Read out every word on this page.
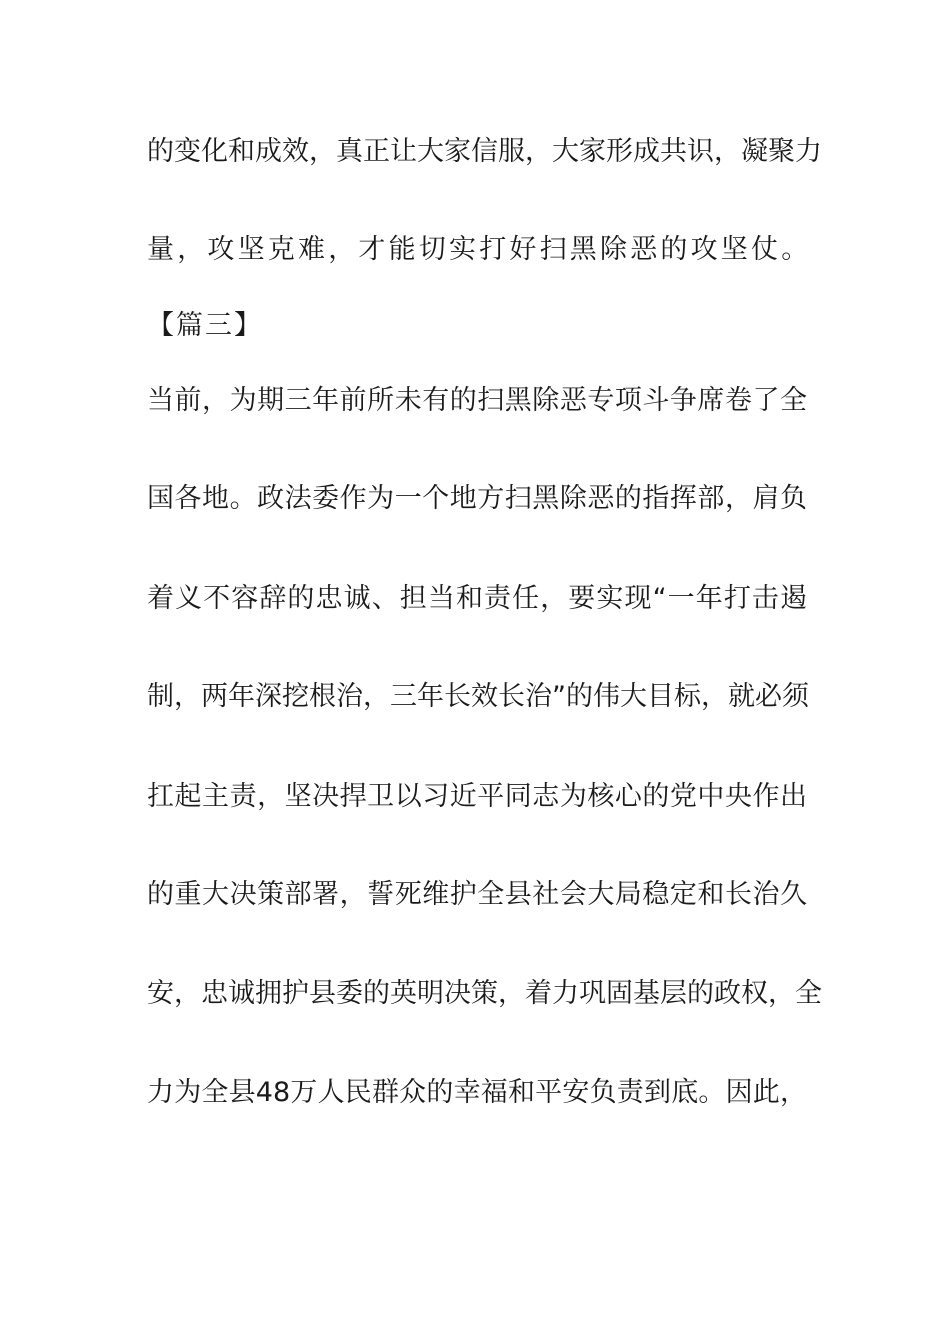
的变化和成效，真正让大家信服，大家形成共识，凝聚力
量，攻坚克难，才能切实打好扫黑除恶的攻坚仗。
【篇三】
当前，为期三年前所未有的扫黑除恶专项斗争席卷了全
国各地。政法委作为一个地方扫黑除恶的指挥部，肩负
着义不容辞的忠诚、担当和责任，要实现“一年打击遏
制，两年深挖根治，三年长效长治”的伟大目标，就必须
扛起主责，坚决捍卫以习近平同志为核心的党中央作出
的重大决策部署，誓死维护全县社会大局稳定和长治久
安，忠诚拥护县委的英明决策，着力巩固基层的政权，全
力为全县48万人民群众的幸福和平安负责到底。因此，
